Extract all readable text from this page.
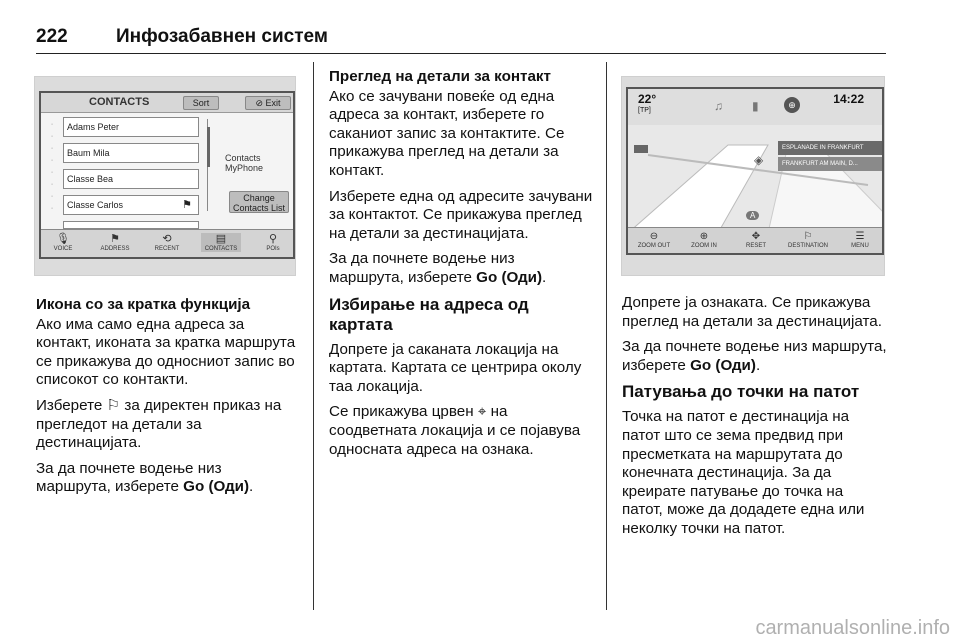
222	Инфозабавнен систем
CONTACTS	Sort	⊘ Exit
·
·
·
·
·
·
·
·
Adams Peter
Baum Mila
Classe Bea
Classe Carlos	⚑
Contacts MyPhone
Change
Contacts List
🎙
VOICE
⚑
ADDRESS
⟲
RECENT
▤
CONTACTS
⚲
POIs
22°
[TP]	♫ ▮	⊕	14:22
◈
ESPLANADE IN FRANKFURT
FRANKFURT AM MAIN, D...
A
⊖
ZOOM OUT
⊕
ZOOM IN
✥
RESET
⚐
DESTINATION
☰
MENU
Икона со за кратка функција

Ако има само една адреса за контакт, иконата за кратка маршрута се прикажува до односниот запис во списокот со контакти.

Изберете ⚐ за директен приказ на прегледот на детали за дестинацијата.

За да почнете водење низ маршрута, изберете Go (Оди).

Преглед на детали за контакт

Ако се зачувани повеќе од една адреса за контакт, изберете го саканиот запис за контактите. Се прикажува преглед на детали за контакт.

Изберете една од адресите зачувани за контактот. Се прикажува преглед на детали за дестинацијата.

За да почнете водење низ маршрута, изберете Go (Оди).

Избирање на адреса од картата

Допрете ја саканата локација на картата. Картата се центрира околу таа локација.

Се прикажува црвен ⌖ на соодветната локација и се појавува односната адреса на ознака.

Допрете ја ознаката. Се прикажува преглед на детали за дестинацијата.

За да почнете водење низ маршрута, изберете Go (Оди).

Патувања до точки на патот

Точка на патот е дестинација на патот што се зема предвид при пресметката на маршрутата до конечната дестинација. За да креирате патување до точка на патот, може да додадете една или неколку точки на патот.

carmanualsonline.info
